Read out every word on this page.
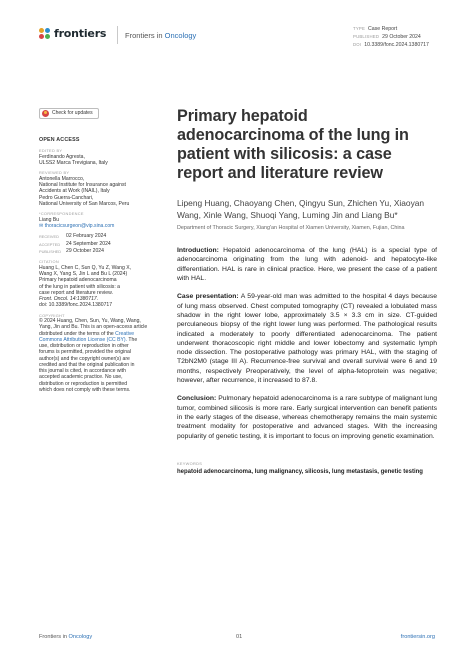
frontiers Frontiers in Oncology
TYPE Case Report
PUBLISHED 29 October 2024
DOI 10.3389/fonc.2024.1380717
Check for updates
OPEN ACCESS
EDITED BY
Ferdinando Agresta,
ULSS2 Marca Trevigiana, Italy
REVIEWED BY
Antonella Marrocco,
National Institute for Insurance against
Accidents at Work (INAIL), Italy
Pedro Guerra-Canchari,
National University of San Marcos, Peru
*CORRESPONDENCE
Liang Bu
✉ thoracicsurgeon@vip.sina.com
RECEIVED	02 February 2024
ACCEPTED	24 September 2024
PUBLISHED 29 October 2024
CITATION
Huang L, Chen C, Sun Q, Yu Z, Wang X,
Wang X, Yang S, Jin L and Bu L (2024)
Primary hepatoid adenocarcinoma
of the lung in patient with silicosis: a
case report and literature review.
Front. Oncol. 14:1380717.
doi: 10.3389/fonc.2024.1380717
COPYRIGHT
© 2024 Huang, Chen, Sun, Yu, Wang, Wang,
Yang, Jin and Bu. This is an open-access article
distributed under the terms of the Creative
Commons Attribution License (CC BY). The
use, distribution or reproduction in other
forums is permitted, provided the original
author(s) and the copyright owner(s) are
credited and that the original publication in
this journal is cited, in accordance with
accepted academic practice. No use,
distribution or reproduction is permitted
which does not comply with these terms.
Primary hepatoid adenocarcinoma of the lung in patient with silicosis: a case report and literature review
Lipeng Huang, Chaoyang Chen, Qingyu Sun, Zhichen Yu, Xiaoyan Wang, Xinle Wang, Shuoqi Yang, Luming Jin and Liang Bu*
Department of Thoracic Surgery, Xiang'an Hospital of Xiamen University, Xiamen, Fujian, China

Introduction: Hepatoid adenocarcinoma of the lung (HAL) is a special type of adenocarcinoma originating from the lung with adenoid- and hepatocyte-like differentiation. HAL is rare in clinical practice. Here, we present the case of a patient with HAL.

Case presentation: A 59-year-old man was admitted to the hospital 4 days because of lung mass observed. Chest computed tomography (CT) revealed a lobulated mass shadow in the right lower lobe, approximately 3.5 × 3.3 cm in size. CT-guided perculaneous biopsy of the right lower lung was performed. The pathological results indicated a moderately to poorly differentiated adenocarcinoma. The patient underwent thoracoscopic right middle and lower lobectomy and systematic lymph node dissection. The postoperative pathology was primary HAL, with the staging of T2bN2M0 (stage III A). Recurrence-free survival and overall survival were 6 and 19 months, respectively Preoperatively, the level of alpha-fetoprotein was negative; however, after recurrence, it increased to 87.8.

Conclusion: Pulmonary hepatoid adenocarcinoma is a rare subtype of malignant lung tumor, combined silicosis is more rare. Early surgical intervention can benefit patients in the early stages of the disease, whereas chemotherapy remains the main systemic treatment modality for postoperative and advanced stages. With the increasing popularity of genetic testing, it is important to focus on improving genetic examination.

KEYWORDS
hepatoid adenocarcinoma, lung malignancy, silicosis, lung metastasis, genetic testing
Frontiers in Oncology	01	frontiersin.org
